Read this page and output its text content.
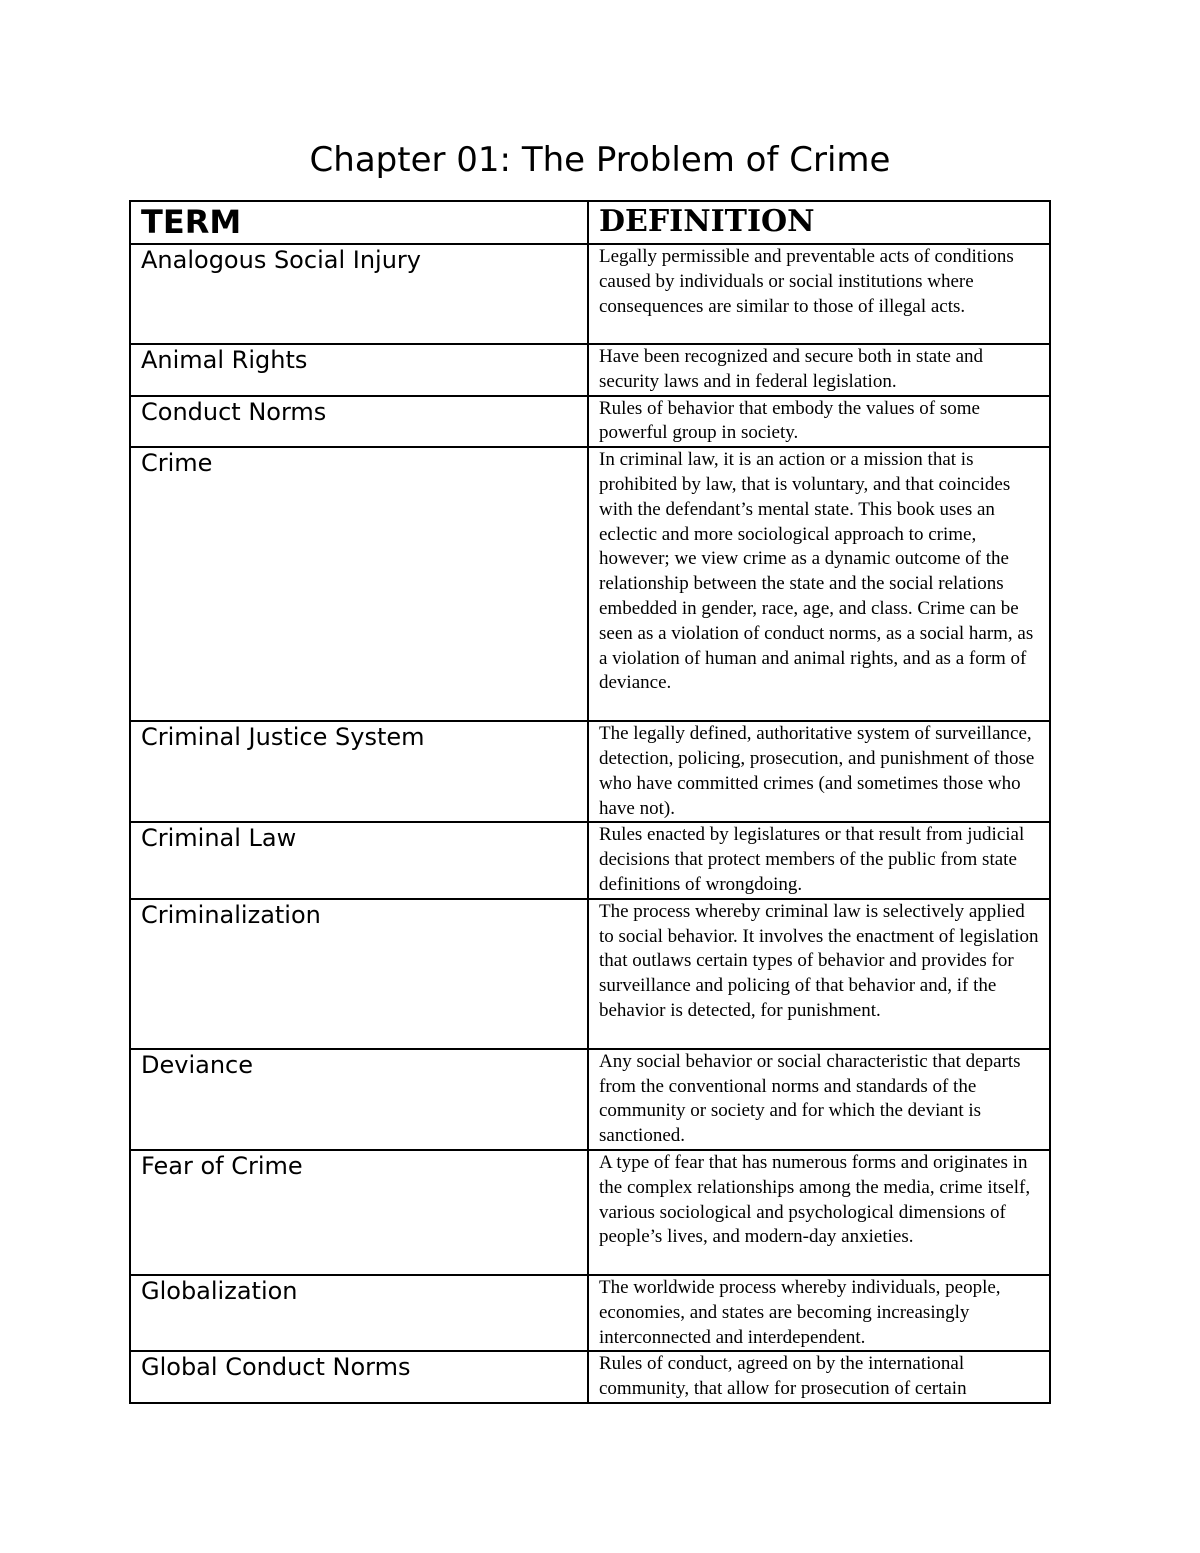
Chapter 01: The Problem of Crime
TERM	DEFINITION
Analogous Social Injury	Legally permissible and preventable acts of conditions caused by individuals or social institutions where consequences are similar to those of illegal acts.
Animal Rights	Have been recognized and secure both in state and security laws and in federal legislation.
Conduct Norms	Rules of behavior that embody the values of some powerful group in society.
Crime	In criminal law, it is an action or a mission that is prohibited by law, that is voluntary, and that coincides with the defendant’s mental state. This book uses an eclectic and more sociological approach to crime, however; we view crime as a dynamic outcome of the relationship between the state and the social relations embedded in gender, race, age, and class. Crime can be seen as a violation of conduct norms, as a social harm, as a violation of human and animal rights, and as a form of deviance.
Criminal Justice System	The legally defined, authoritative system of surveillance, detection, policing, prosecution, and punishment of those who have committed crimes (and sometimes those who have not).
Criminal Law	Rules enacted by legislatures or that result from judicial decisions that protect members of the public from state definitions of wrongdoing.
Criminalization	The process whereby criminal law is selectively applied to social behavior. It involves the enactment of legislation that outlaws certain types of behavior and provides for surveillance and policing of that behavior and, if the behavior is detected, for punishment.
Deviance	Any social behavior or social characteristic that departs from the conventional norms and standards of the community or society and for which the deviant is sanctioned.
Fear of Crime	A type of fear that has numerous forms and originates in the complex relationships among the media, crime itself, various sociological and psychological dimensions of people’s lives, and modern-day anxieties.
Globalization	The worldwide process whereby individuals, people, economies, and states are becoming increasingly interconnected and interdependent.
Global Conduct Norms	Rules of conduct, agreed on by the international community, that allow for prosecution of certain
